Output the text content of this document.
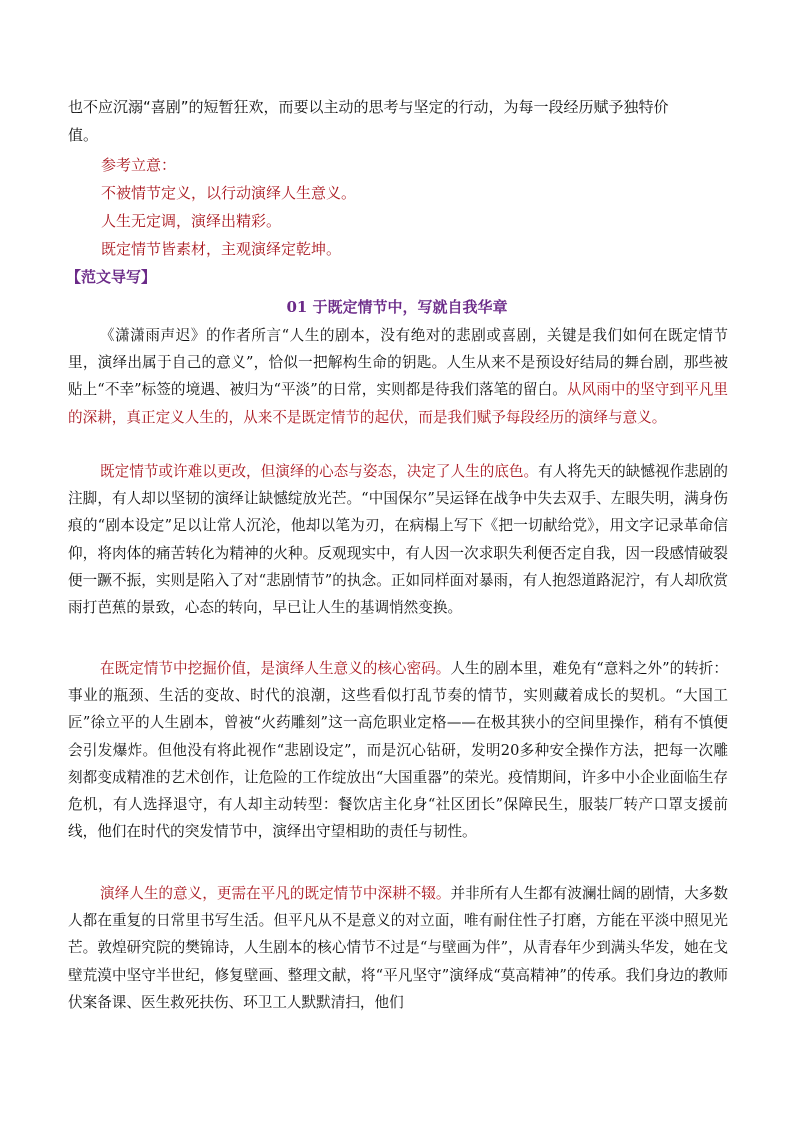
也不应沉溺“喜剧”的短暂狂欢，而要以主动的思考与坚定的行动，为每一段经历赋予独特价
值。
参考立意：
不被情节定义，以行动演绎人生意义。
人生无定调，演绎出精彩。
既定情节皆素材，主观演绎定乾坤。
【范文导写】
01 于既定情节中，写就自我华章

《潇潇雨声迟》的作者所言“人生的剧本，没有绝对的悲剧或喜剧，关键是我们如何在既定情节里，演绎出属于自己的意义”，恰似一把解构生命的钥匙。人生从来不是预设好结局的舞台剧，那些被贴上“不幸”标签的境遇、被归为“平淡”的日常，实则都是待我们落笔的留白。从风雨中的坚守到平凡里的深耕，真正定义人生的，从来不是既定情节的起伏，而是我们赋予每段经历的演绎与意义。

既定情节或许难以更改，但演绎的心态与姿态，决定了人生的底色。有人将先天的缺憾视作悲剧的注脚，有人却以坚韧的演绎让缺憾绽放光芒。“中国保尔”吴运铎在战争中失去双手、左眼失明，满身伤痕的“剧本设定”足以让常人沉沦，他却以笔为刃，在病榻上写下《把一切献给党》，用文字记录革命信仰，将肉体的痛苦转化为精神的火种。反观现实中，有人因一次求职失利便否定自我，因一段感情破裂便一蹶不振，实则是陷入了对“悲剧情节”的执念。正如同样面对暴雨，有人抱怨道路泥泞，有人却欣赏雨打芭蕉的景致，心态的转向，早已让人生的基调悄然变换。

在既定情节中挖掘价值，是演绎人生意义的核心密码。人生的剧本里，难免有“意料之外”的转折：事业的瓶颈、生活的变故、时代的浪潮，这些看似打乱节奏的情节，实则藏着成长的契机。“大国工匠”徐立平的人生剧本，曾被“火药雕刻”这一高危职业定格——在极其狭小的空间里操作，稍有不慎便会引发爆炸。但他没有将此视作“悲剧设定”，而是沉心钻研，发明20多种安全操作方法，把每一次雕刻都变成精准的艺术创作，让危险的工作绽放出“大国重器”的荣光。疫情期间，许多中小企业面临生存危机，有人选择退守，有人却主动转型：餐饮店主化身“社区团长”保障民生，服装厂转产口罩支援前线，他们在时代的突发情节中，演绎出守望相助的责任与韧性。

演绎人生的意义，更需在平凡的既定情节中深耕不辍。并非所有人生都有波澜壮阔的剧情，大多数人都在重复的日常里书写生活。但平凡从不是意义的对立面，唯有耐住性子打磨，方能在平淡中照见光芒。敦煌研究院的樊锦诗，人生剧本的核心情节不过是“与壁画为伴”，从青春年少到满头华发，她在戈壁荒漠中坚守半世纪，修复壁画、整理文献，将“平凡坚守”演绎成“莫高精神”的传承。我们身边的教师伏案备课、医生救死扶伤、环卫工人默默清扫，他们
